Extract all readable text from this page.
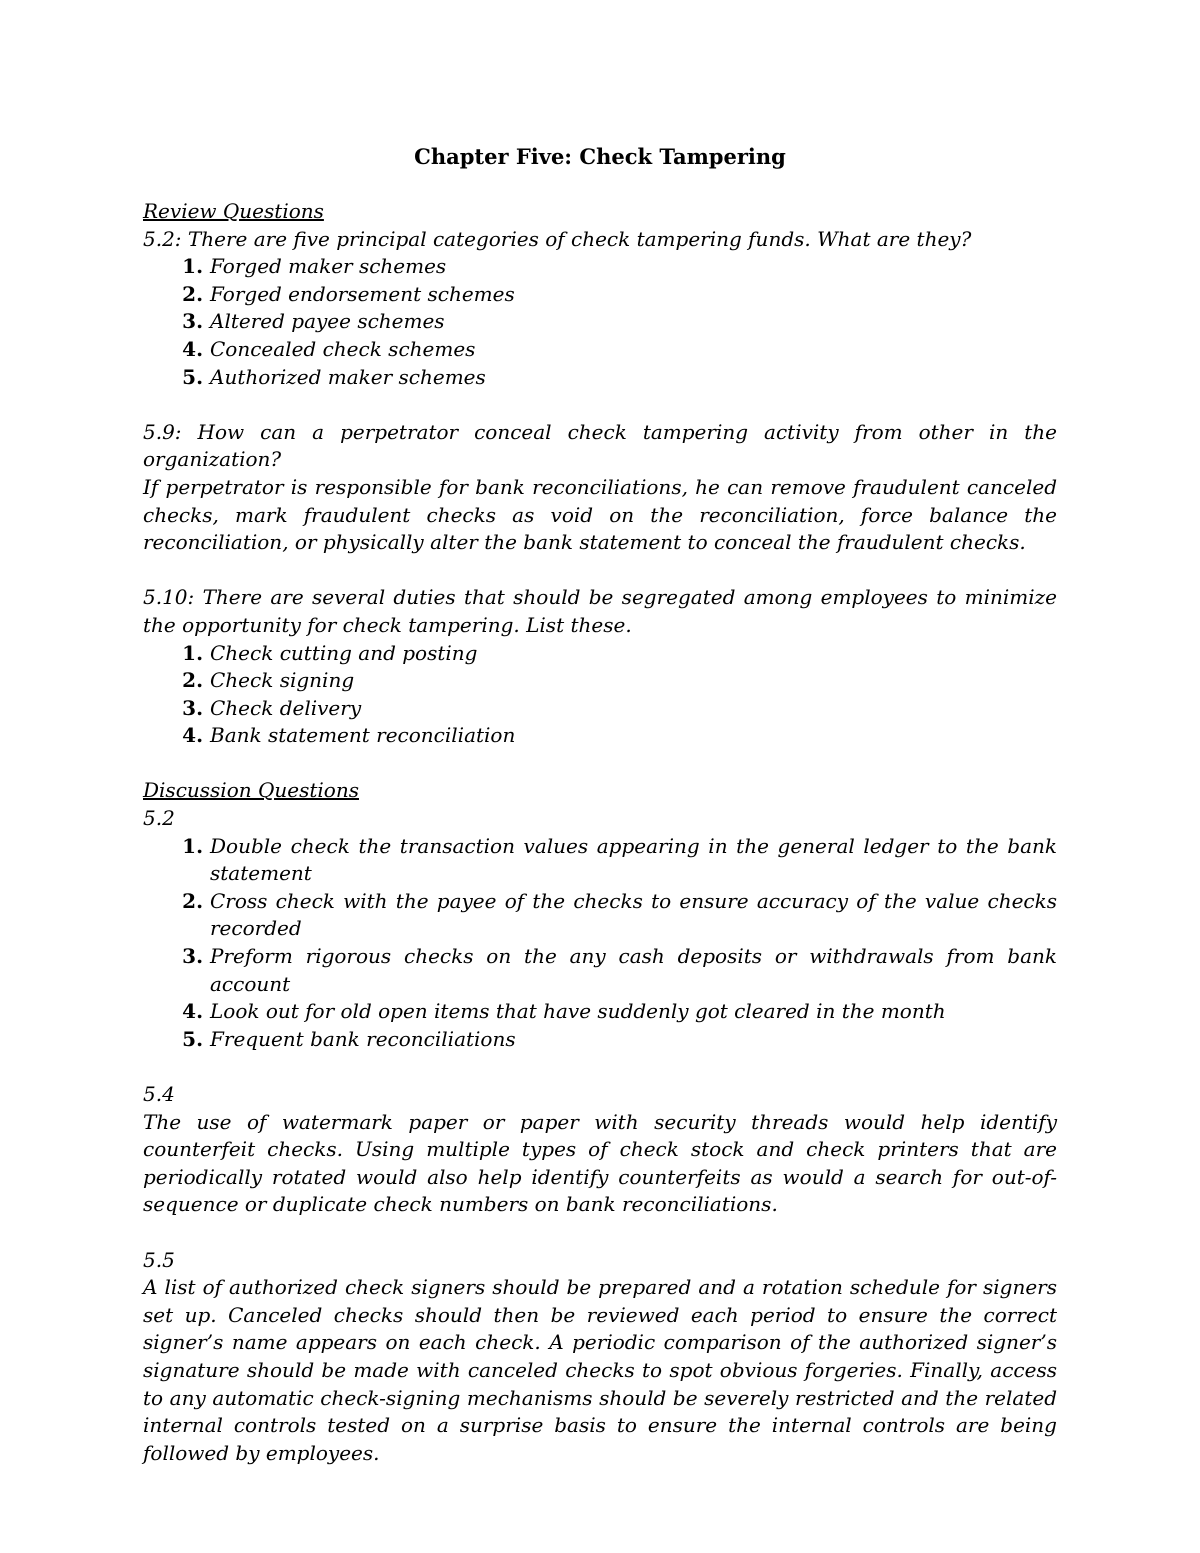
Chapter Five: Check Tampering
Review Questions
5.2: There are five principal categories of check tampering funds. What are they?
1. Forged maker schemes
2. Forged endorsement schemes
3. Altered payee schemes
4. Concealed check schemes
5. Authorized maker schemes
5.9: How can a perpetrator conceal check tampering activity from other in the organization?
If perpetrator is responsible for bank reconciliations, he can remove fraudulent canceled checks, mark fraudulent checks as void on the reconciliation, force balance the reconciliation, or physically alter the bank statement to conceal the fraudulent checks.
5.10: There are several duties that should be segregated among employees to minimize the opportunity for check tampering. List these.
1. Check cutting and posting
2. Check signing
3. Check delivery
4. Bank statement reconciliation
Discussion Questions
5.2
1. Double check the transaction values appearing in the general ledger to the bank statement
2. Cross check with the payee of the checks to ensure accuracy of the value checks recorded
3. Preform rigorous checks on the any cash deposits or withdrawals from bank account
4. Look out for old open items that have suddenly got cleared in the month
5. Frequent bank reconciliations
5.4
The use of watermark paper or paper with security threads would help identify counterfeit checks. Using multiple types of check stock and check printers that are periodically rotated would also help identify counterfeits as would a search for out-of-sequence or duplicate check numbers on bank reconciliations.
5.5
A list of authorized check signers should be prepared and a rotation schedule for signers set up. Canceled checks should then be reviewed each period to ensure the correct signer’s name appears on each check. A periodic comparison of the authorized signer’s signature should be made with canceled checks to spot obvious forgeries. Finally, access to any automatic check-signing mechanisms should be severely restricted and the related internal controls tested on a surprise basis to ensure the internal controls are being followed by employees.
